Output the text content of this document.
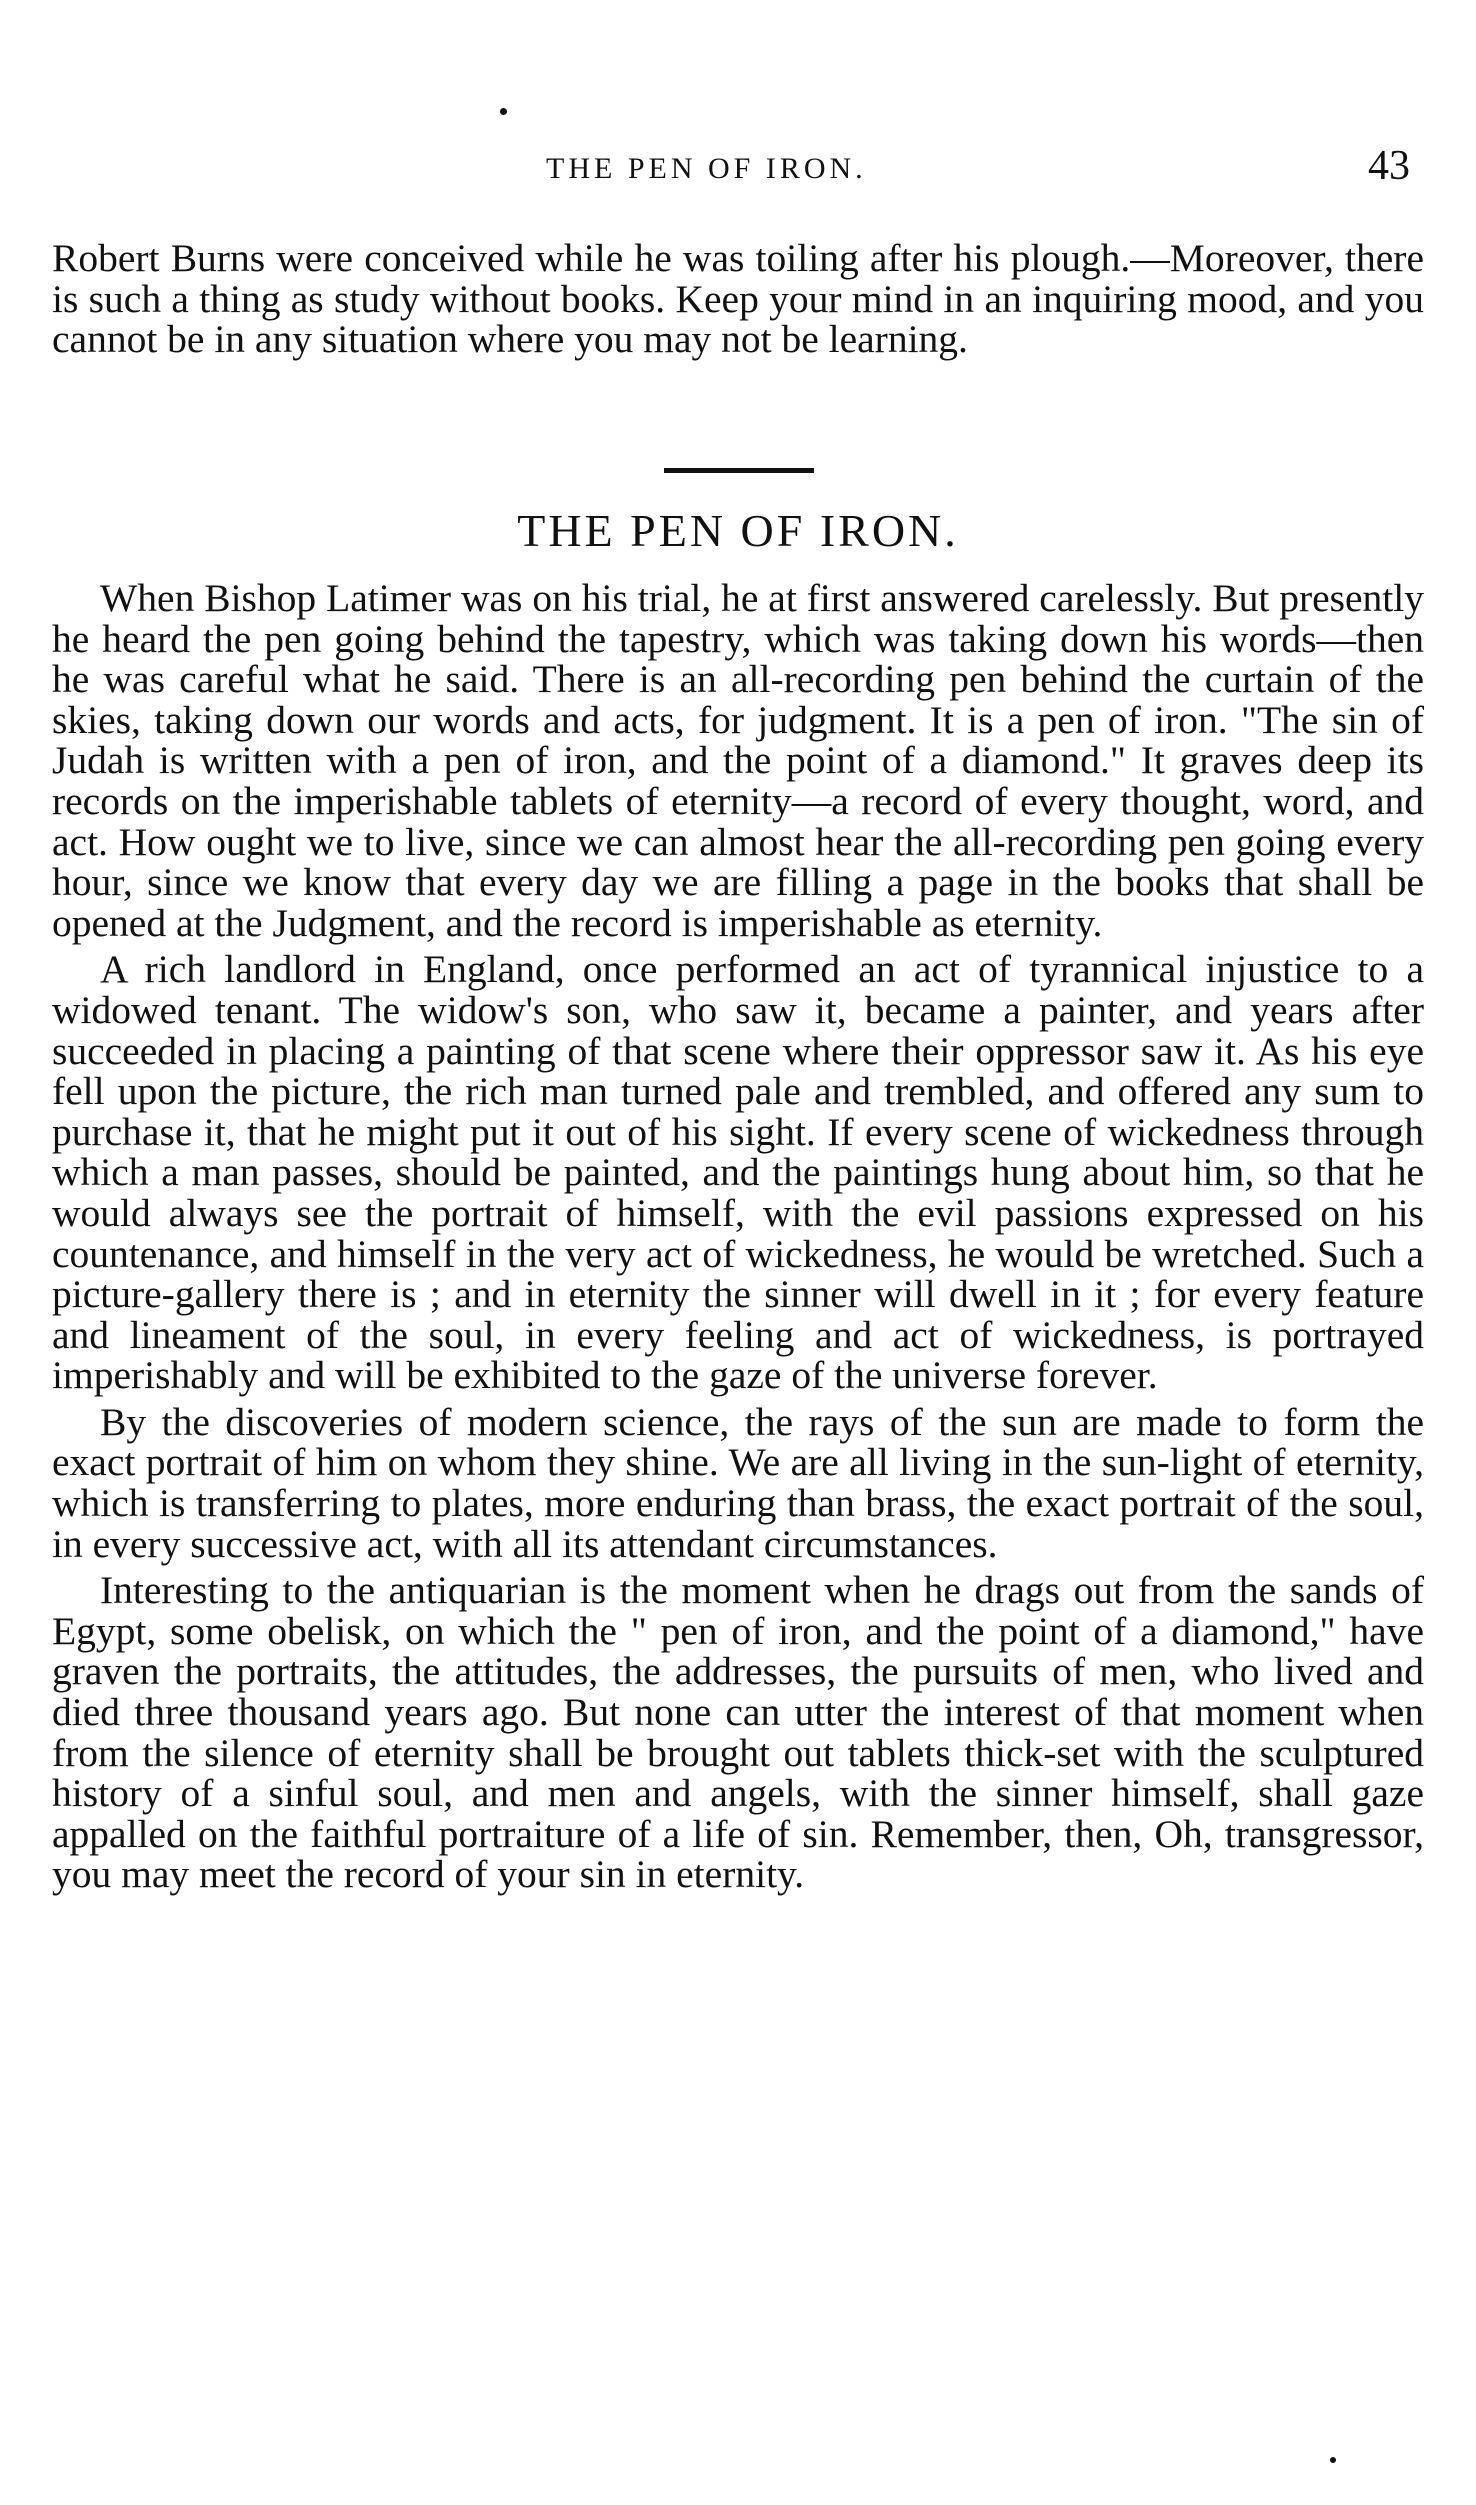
THE PEN OF IRON.	43

Robert Burns were conceived while he was toiling after his plough.—Moreover, there is such a thing as study without books. Keep your mind in an inquiring mood, and you cannot be in any situation where you may not be learning.

THE PEN OF IRON.

When Bishop Latimer was on his trial, he at first answered carelessly. But presently he heard the pen going behind the tapestry, which was taking down his words—then he was careful what he said. There is an all-recording pen behind the curtain of the skies, taking down our words and acts, for judgment. It is a pen of iron. "The sin of Judah is written with a pen of iron, and the point of a diamond." It graves deep its records on the imperishable tablets of eternity—a record of every thought, word, and act. How ought we to live, since we can almost hear the all-recording pen going every hour, since we know that every day we are filling a page in the books that shall be opened at the Judgment, and the record is imperishable as eternity.

A rich landlord in England, once performed an act of tyrannical injustice to a widowed tenant. The widow's son, who saw it, became a painter, and years after succeeded in placing a painting of that scene where their oppressor saw it. As his eye fell upon the picture, the rich man turned pale and trembled, and offered any sum to purchase it, that he might put it out of his sight. If every scene of wickedness through which a man passes, should be painted, and the paintings hung about him, so that he would always see the portrait of himself, with the evil passions expressed on his countenance, and himself in the very act of wickedness, he would be wretched. Such a picture-gallery there is ; and in eternity the sinner will dwell in it ; for every feature and lineament of the soul, in every feeling and act of wickedness, is portrayed imperishably and will be exhibited to the gaze of the universe forever.

By the discoveries of modern science, the rays of the sun are made to form the exact portrait of him on whom they shine. We are all living in the sun-light of eternity, which is transferring to plates, more enduring than brass, the exact portrait of the soul, in every successive act, with all its attendant circumstances.

Interesting to the antiquarian is the moment when he drags out from the sands of Egypt, some obelisk, on which the " pen of iron, and the point of a diamond," have graven the portraits, the attitudes, the addresses, the pursuits of men, who lived and died three thousand years ago. But none can utter the interest of that moment when from the silence of eternity shall be brought out tablets thick-set with the sculptured history of a sinful soul, and men and angels, with the sinner himself, shall gaze appalled on the faithful portraiture of a life of sin. Remember, then, Oh, transgressor, you may meet the record of your sin in eternity.
